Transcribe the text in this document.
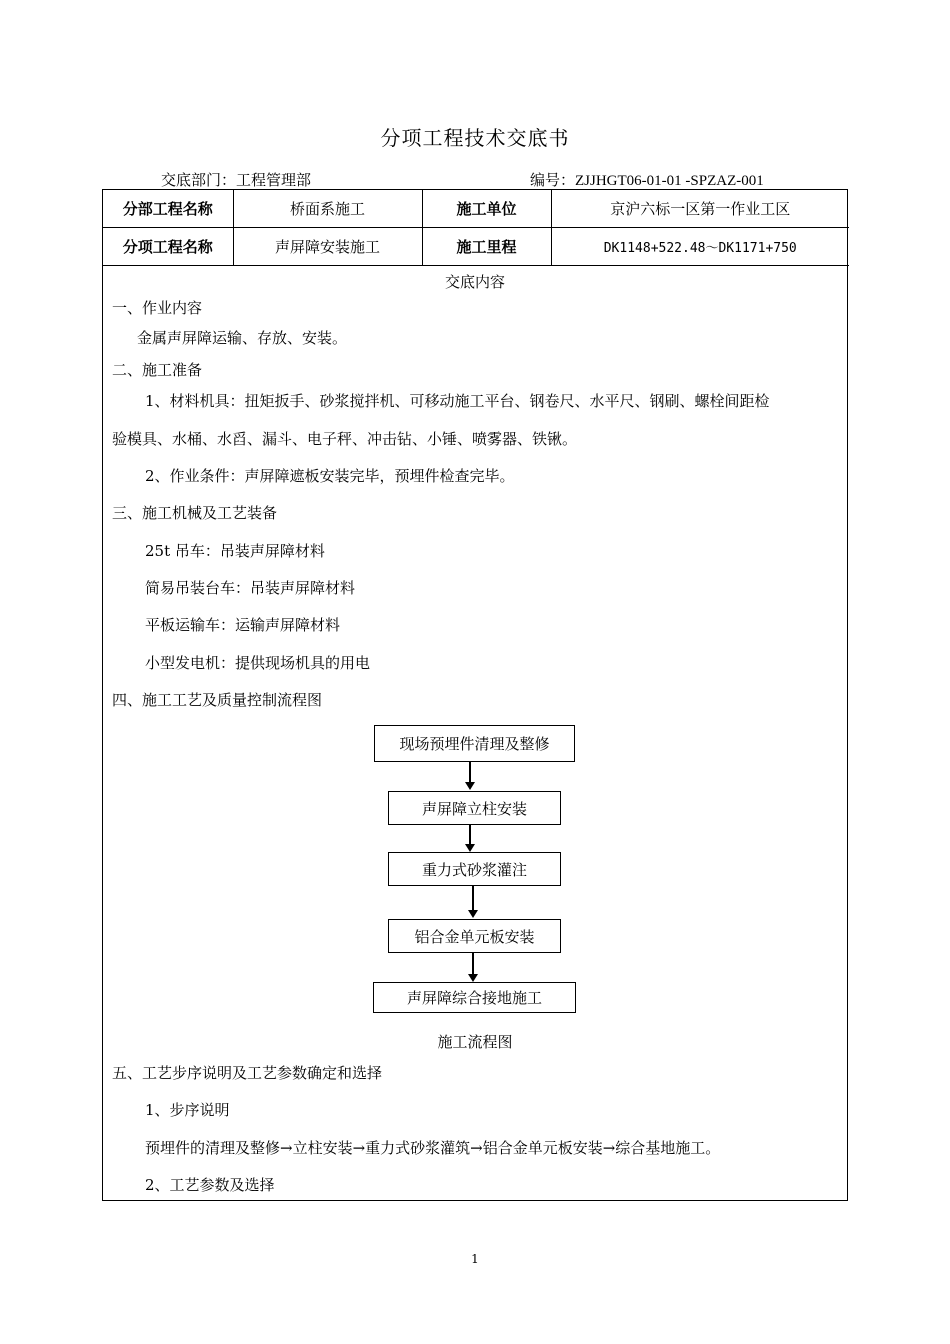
分项工程技术交底书
交底部门：工程管理部	编号：ZJJHGT06-01-01 -SPZAZ-001
分部工程名称	桥面系施工	施工单位	京沪六标一区第一作业工区
分项工程名称	声屏障安装施工	施工里程	DK1148+522.48～DK1171+750
交底内容
一、作业内容
金属声屏障运输、存放、安装。
二、施工准备
1、材料机具：扭矩扳手、砂浆搅拌机、可移动施工平台、钢卷尺、水平尺、钢刷、螺栓间距检
验模具、水桶、水舀、漏斗、电子秤、冲击钻、小锤、喷雾器、铁锹。
2、作业条件：声屏障遮板安装完毕，预埋件检查完毕。
三、施工机械及工艺装备
25t 吊车：吊装声屏障材料
简易吊装台车：吊装声屏障材料
平板运输车：运输声屏障材料
小型发电机：提供现场机具的用电
四、施工工艺及质量控制流程图
现场预埋件清理及整修
声屏障立柱安装
重力式砂浆灌注
铝合金单元板安装
声屏障综合接地施工
施工流程图
五、工艺步序说明及工艺参数确定和选择
1、步序说明
预埋件的清理及整修→立柱安装→重力式砂浆灌筑→铝合金单元板安装→综合基地施工。
2、工艺参数及选择
1
